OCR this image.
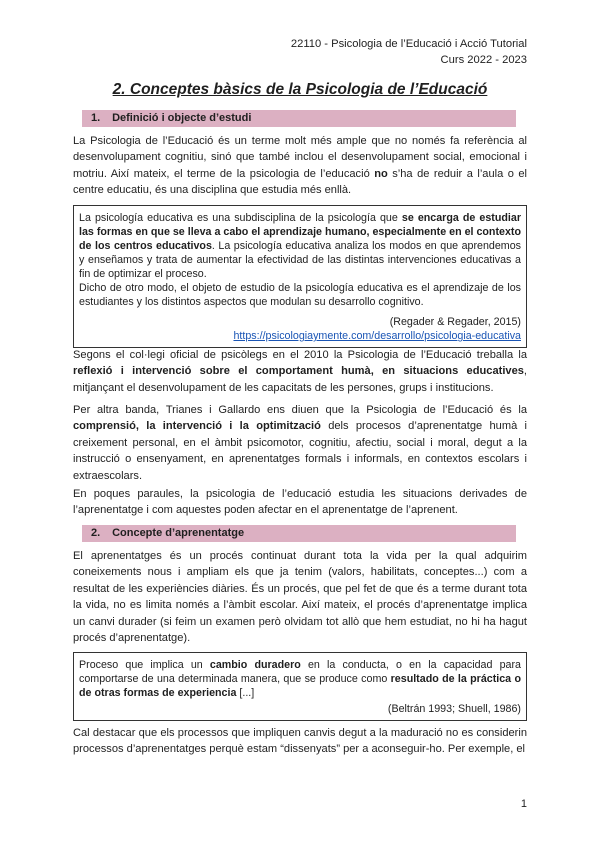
22110 - Psicologia de l’Educació i Acció Tutorial
Curs 2022 - 2023
2. Conceptes bàsics de la Psicologia de l’Educació
1. Definició i objecte d’estudi
La Psicologia de l’Educació és un terme molt més ample que no només fa referència al desenvolupament cognitiu, sinó que també inclou el desenvolupament social, emocional i motriu. Així mateix, el terme de la psicologia de l’educació no s’ha de reduir a l’aula o el centre educatiu, és una disciplina que estudia més enllà.

La psicología educativa es una subdisciplina de la psicología que se encarga de estudiar las formas en que se lleva a cabo el aprendizaje humano, especialmente en el contexto de los centros educativos. La psicología educativa analiza los modos en que aprendemos y enseñamos y trata de aumentar la efectividad de las distintas intervenciones educativas a fin de optimizar el proceso.

Dicho de otro modo, el objeto de estudio de la psicología educativa es el aprendizaje de los estudiantes y los distintos aspectos que modulan su desarrollo cognitivo.

(Regader & Regader, 2015)
https://psicologiaymente.com/desarrollo/psicologia-educativa
Segons el col·legi oficial de psicòlegs en el 2010 la Psicologia de l’Educació treballa la reflexió i intervenció sobre el comportament humà, en situacions educatives, mitjançant el desenvolupament de les capacitats de les persones, grups i institucions.
Per altra banda, Trianes i Gallardo ens diuen que la Psicologia de l’Educació és la comprensió, la intervenció i la optimització dels procesos d’aprenentatge humà i creixement personal, en el àmbit psicomotor, cognitiu, afectiu, social i moral, degut a la instrucció o ensenyament, en aprenentatges formals i informals, en contextos escolars i extraescolars.
En poques paraules, la psicologia de l’educació estudia les situacions derivades de l’aprenentatge i com aquestes poden afectar en el aprenentatge de l’aprenent.
2. Concepte d’aprenentatge
El aprenentatges és un procés continuat durant tota la vida per la qual adquirim coneixements nous i ampliam els que ja tenim (valors, habilitats, conceptes...) com a resultat de les experiències diàries. És un procés, que pel fet de que és a terme durant tota la vida, no es limita només a l’àmbit escolar. Així mateix, el procés d’aprenentatge implica un canvi durader (si feim un examen però olvidam tot allò que hem estudiat, no hi ha hagut procés d’aprenentatge).

Proceso que implica un cambio duradero en la conducta, o en la capacidad para comportarse de una determinada manera, que se produce como resultado de la práctica o de otras formas de experiencia [...]

(Beltrán 1993; Shuell, 1986)
Cal destacar que els processos que impliquen canvis degut a la maduració no es considerin processos d’aprenentatges perquè estam “dissenyats” per a aconseguir-ho. Per exemple, el
1
